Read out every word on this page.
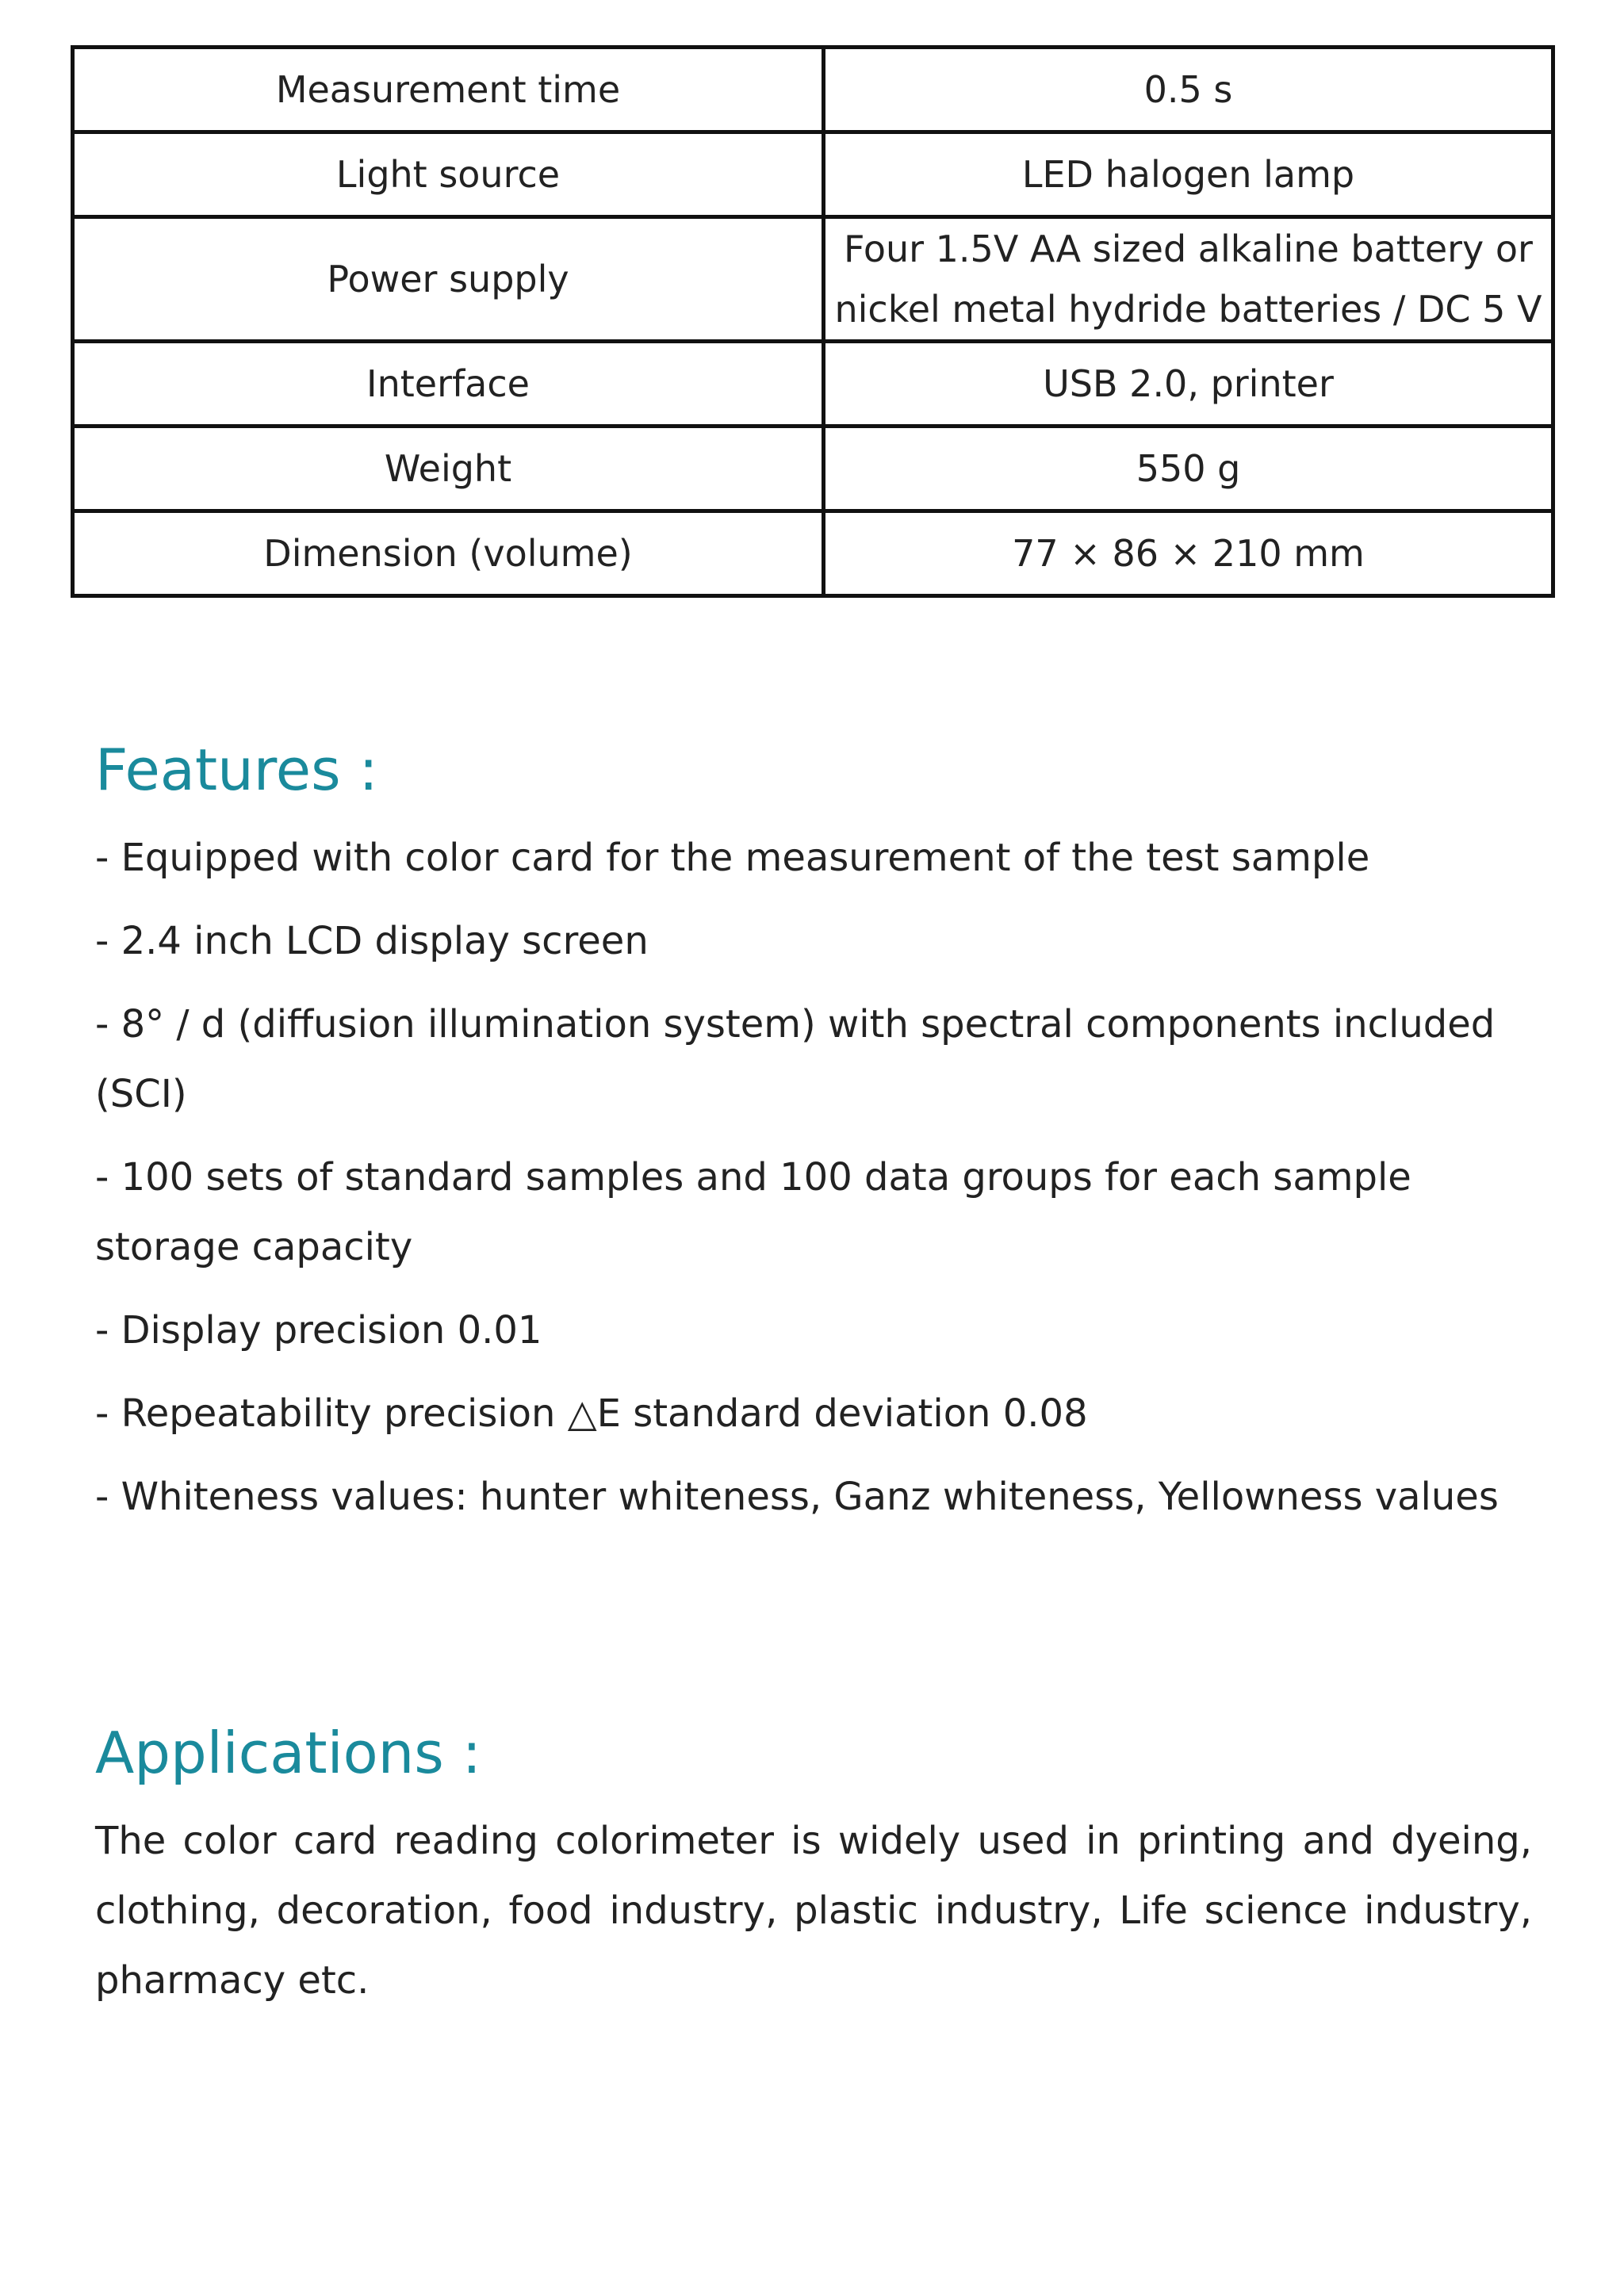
Measurement time	0.5 s
Light source	LED halogen lamp
Power supply	Four 1.5V AA sized alkaline battery or
nickel metal hydride batteries / DC 5 V

Interface	USB 2.0, printer
Weight	550 g
Dimension (volume)	77 × 86 × 210 mm
Features :
- Equipped with color card for the measurement of the test sample
- 2.4 inch LCD display screen
- 8° / d (diffusion illumination system) with spectral components included (SCI)
- 100 sets of standard samples and 100 data groups for each sample storage capacity
- Display precision 0.01
- Repeatability precision △E standard deviation 0.08
- Whiteness values: hunter whiteness, Ganz whiteness, Yellowness values
Applications :

The color card reading colorimeter is widely used in printing and dyeing, clothing, decoration, food industry, plastic industry, Life science industry, pharmacy etc.
